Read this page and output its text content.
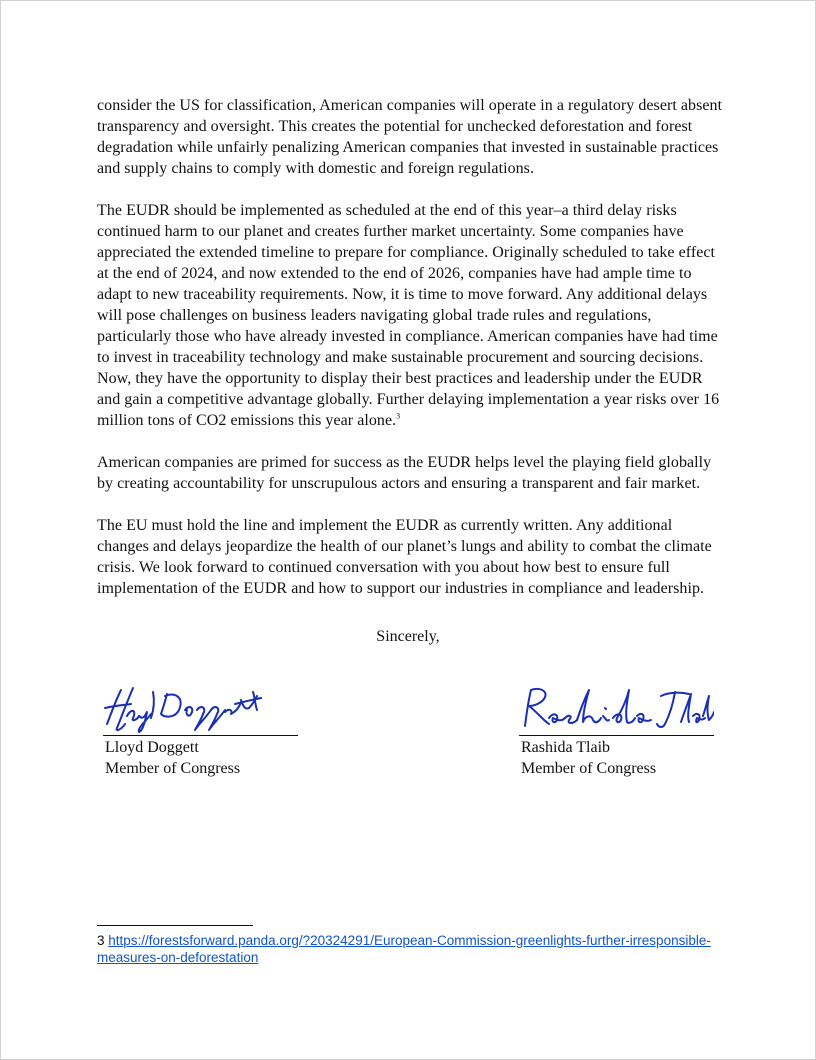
consider the US for classification, American companies will operate in a regulatory desert absent transparency and oversight. This creates the potential for unchecked deforestation and forest degradation while unfairly penalizing American companies that invested in sustainable practices and supply chains to comply with domestic and foreign regulations.

The EUDR should be implemented as scheduled at the end of this year–a third delay risks continued harm to our planet and creates further market uncertainty. Some companies have appreciated the extended timeline to prepare for compliance. Originally scheduled to take effect at the end of 2024, and now extended to the end of 2026, companies have had ample time to adapt to new traceability requirements. Now, it is time to move forward. Any additional delays will pose challenges on business leaders navigating global trade rules and regulations, particularly those who have already invested in compliance. American companies have had time to invest in traceability technology and make sustainable procurement and sourcing decisions. Now, they have the opportunity to display their best practices and leadership under the EUDR and gain a competitive advantage globally. Further delaying implementation a year risks over 16 million tons of CO2 emissions this year alone.$^3$

American companies are primed for success as the EUDR helps level the playing field globally by creating accountability for unscrupulous actors and ensuring a transparent and fair market.

The EU must hold the line and implement the EUDR as currently written. Any additional changes and delays jeopardize the health of our planet’s lungs and ability to combat the climate crisis. We look forward to continued conversation with you about how best to ensure full implementation of the EUDR and how to support our industries in compliance and leadership.

Sincerely,
Lloyd Doggett
Member of Congress
Rashida Tlaib
Member of Congress
3 https://forestsforward.panda.org/?20324291/European-Commission-greenlights-further-irresponsible-measures-on-deforestation
